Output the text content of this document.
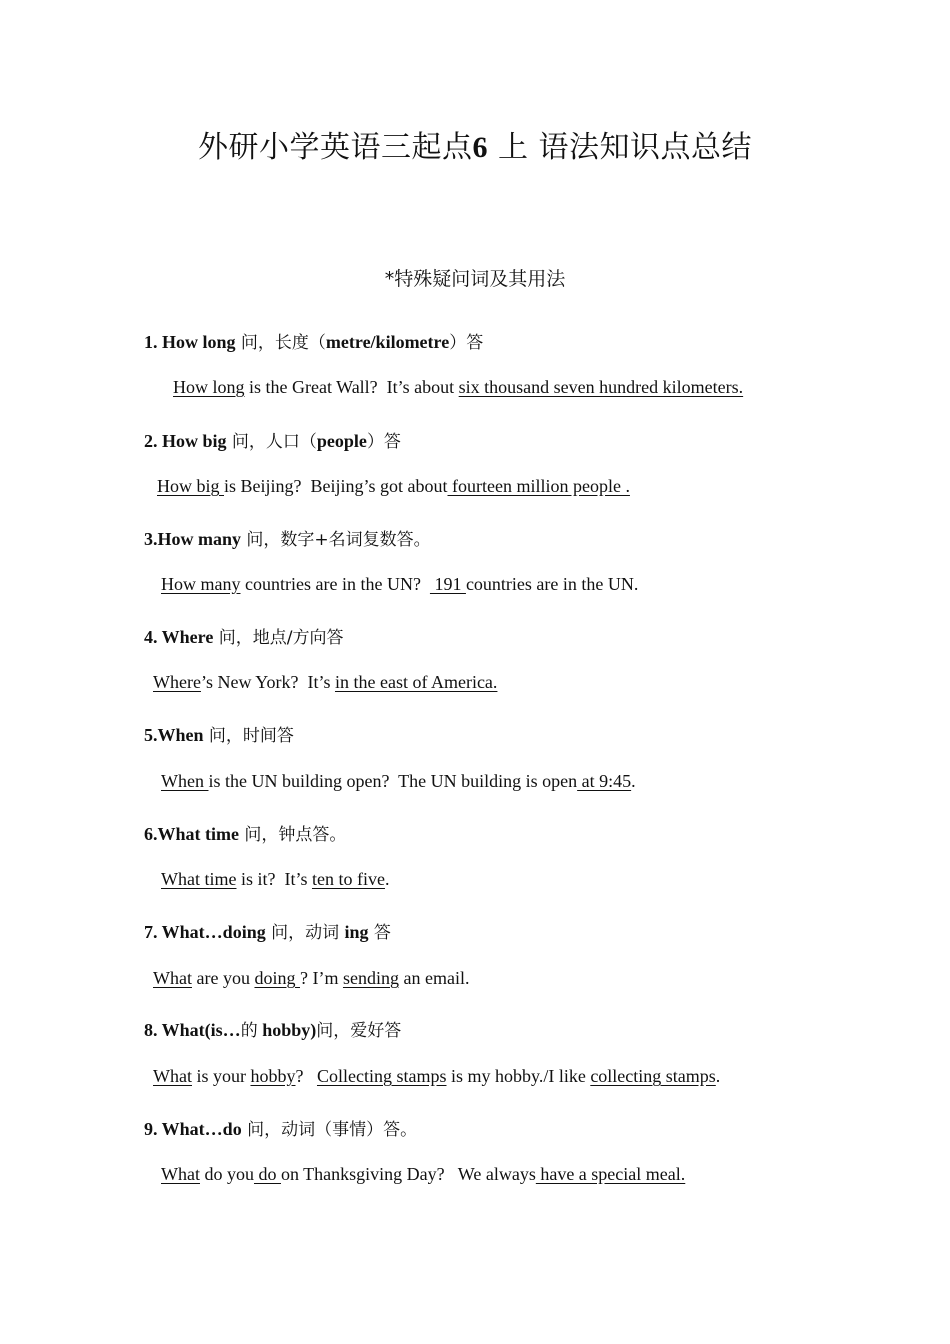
外研小学英语三起点6 上 语法知识点总结
*特殊疑问词及其用法
1. How long 问，长度（metre/kilometre）答
How long is the Great Wall?  It’s about six thousand seven hundred kilometers.
2. How big 问，人口（people）答
How big is Beijing?  Beijing’s got about fourteen million people .
3.How many 问，数字+名词复数答。
How many countries are in the UN?   191 countries are in the UN.
4. Where 问，地点/方向答
Where’s New York?  It’s in the east of America.
5.When 问，时间答
When is the UN building open?  The UN building is open at 9:45.
6.What time 问，钟点答。
What time is it?  It’s ten to five.
7. What…doing 问，动词 ing 答
What are you doing ? I’m sending an email.
8. What(is…的 hobby)问，爱好答
What is your hobby?   Collecting stamps is my hobby./I like collecting stamps.
9. What…do 问，动词（事情）答。
What do you do on Thanksgiving Day?   We always have a special meal.
